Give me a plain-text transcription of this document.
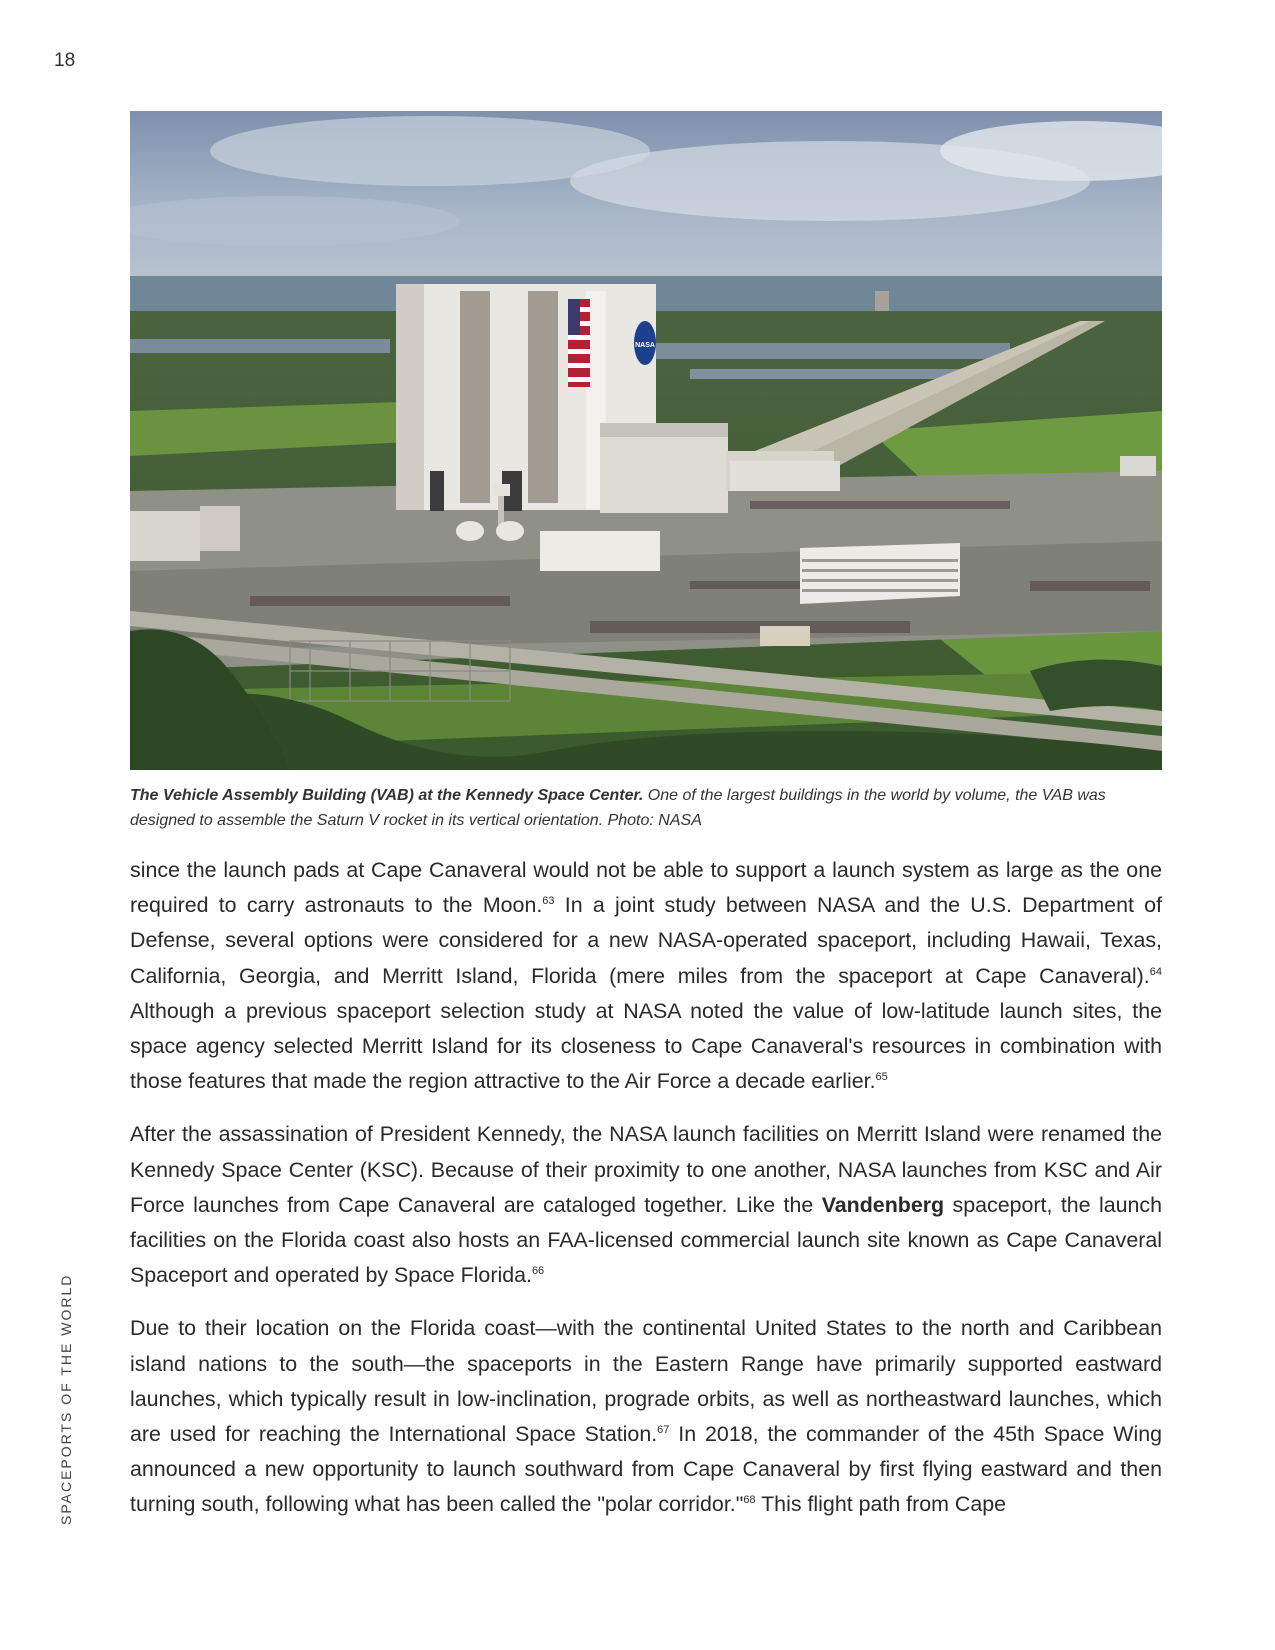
18
SPACEPORTS OF THE WORLD
NASA
The Vehicle Assembly Building (VAB) at the Kennedy Space Center. One of the largest buildings in the world by volume, the VAB was designed to assemble the Saturn V rocket in its vertical orientation. Photo: NASA

since the launch pads at Cape Canaveral would not be able to support a launch system as large as the one required to carry astronauts to the Moon.$^{63}$ In a joint study between NASA and the U.S. Department of Defense, several options were considered for a new NASA-operated spaceport, including Hawaii, Texas, California, Georgia, and Merritt Island, Florida (mere miles from the spaceport at Cape Canaveral).$^{64}$ Although a previous spaceport selection study at NASA noted the value of low-latitude launch sites, the space agency selected Merritt Island for its closeness to Cape Canaveral's resources in combination with those features that made the region attractive to the Air Force a decade earlier.$^{65}$

After the assassination of President Kennedy, the NASA launch facilities on Merritt Island were renamed the Kennedy Space Center (KSC). Because of their proximity to one another, NASA launches from KSC and Air Force launches from Cape Canaveral are cataloged together. Like the Vandenberg spaceport, the launch facilities on the Florida coast also hosts an FAA-licensed commercial launch site known as Cape Canaveral Spaceport and operated by Space Florida.$^{66}$

Due to their location on the Florida coast—with the continental United States to the north and Caribbean island nations to the south—the spaceports in the Eastern Range have primarily supported eastward launches, which typically result in low-inclination, prograde orbits, as well as northeastward launches, which are used for reaching the International Space Station.$^{67}$ In 2018, the commander of the 45th Space Wing announced a new opportunity to launch southward from Cape Canaveral by first flying eastward and then turning south, following what has been called the "polar corridor."$^{68}$ This flight path from Cape
